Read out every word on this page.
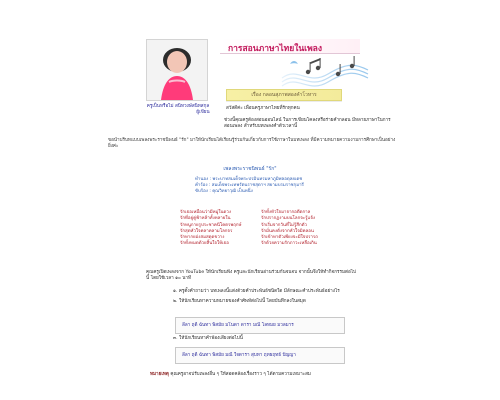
ครูเป็นหรือไม่ สนิทวงษ์สนิทสกุล
ผู้เขียน
การสอนภาษาไทยในเพลง
เรื่อง กลอนสุภาพสองคำโวหาร
สวัสดีค่ะ เพื่อนครูภาษาไทยที่รักทุกคน
ช่วงนี้คุณครูต้องสอนออนไลน์ ในการเขียนโคลงหรือร่ายคำกลอน มีหลายภาษาในการสอนเพลง สำหรับบทเพลงคำตัวเวลานี้
ขอนำบริบทแบบเพลงพระราชนิพนธ์ "รัก" มาให้นักเรียนได้เรียนรู้ร่วมกันเกี่ยวกับการใช้ภาษาในบทเพลง ที่มีความหมายความงามการศึกษาเป็นอย่างยิ่งค่ะ
เพลงพระราชนิพนธ์ "รัก"
ทำนอง : พระบาทสมเด็จพระปรมินทรมหาภูมิพลอดุลยเดช
คำร้อง : สมเด็จพระเทพรัตนราชสุดาฯ สยามบรมราชกุมารี
ขับร้อง : คุณวิทยาวุฒิ เป็นหนึ่ง
รักเธอเหมือนว่ามีหมู่ในดวง
รักที่อยู่คู่ฟ้าหล้าทั้งหลายใน
รักหนูกายรูประชาคนีโคตรพฤกษ์
รักสุดหัวใจคลาคลามโลกจร
รักหากยอ่งสมสดุดขวาง
รักทั้งหมดด้วยสิ้นใจให้เธอ
รักทั้งหัวใจมาจากอดีตกาล
รักปรากฏงามบนโลกจะรู้แจ้ง
รักเริ่มจากวันที่ไม่รู้สึกตัว
รักมั่นคงดั่งจากหัวใจมิคลอน
รักเข้าหาตัวเพียงจะมีใจปรารถ
รักด้วยความรักภาวะเหลือเกิน
คุณครูเปิดเพลงจาก YouTube ให้นักเรียนฟัง ครูและนักเรียนอ่านร่วมกันจนจบ จากนั้นจึงให้ทำกิจกรรมต่อไปนี้ โดยใช้เวลา ๑๐ นาที
๑. ครูตั้งคำถามว่า บทเพลงนี้แต่งด้วยคำประพันธ์ชนิดใด มีลักษณะคำประพันธ์อย่างไร
๒. ให้นักเรียนหาความหมายของคำศัพท์ต่อไปนี้ โดยบันทึกลงในสมุด
ลีลา ฤดี ฉันทา พิสมัย มโนดา ดารา มณี โลหมย มวลมาร
๓. ให้นักเรียนหาคำพ้องเสียงต่อไปนี้
ลีลา ฤดี ฉันทา พิสมัย มณี ใจดารา สุบทา ฤทธฤทธ์ ปัญญา
หมายเหตุ คุณครูอาจปรับเพลงอื่น ๆ ให้สอดคล้องเรื่องราว ๆ ได้ตามความเหมาะสม
